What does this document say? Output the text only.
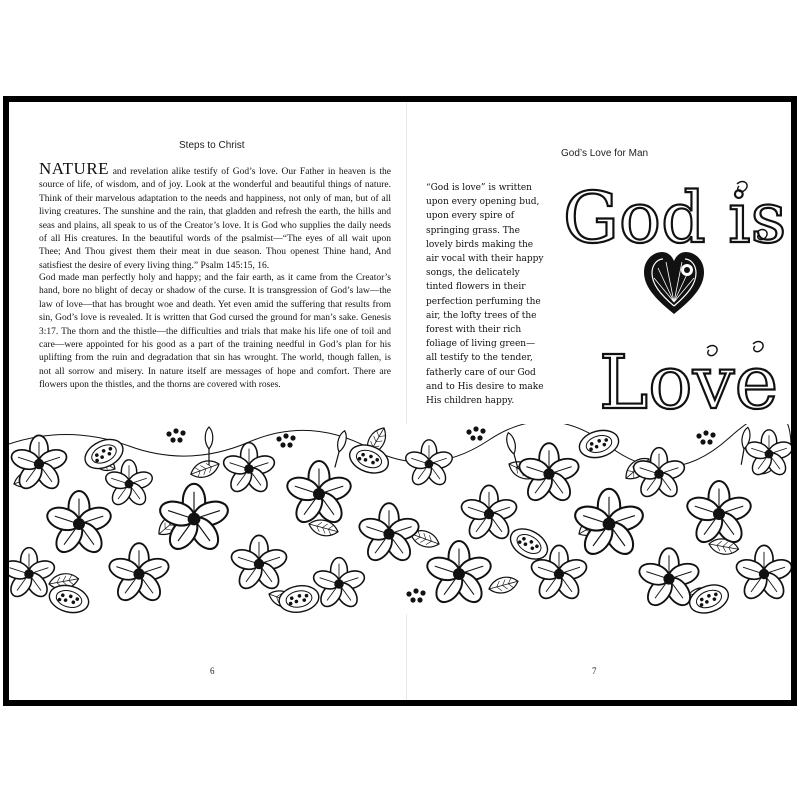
Steps to Christ

NATURE and revelation alike testify of God’s love. Our Father in heaven is the source of life, of wisdom, and of joy. Look at the wonderful and beautiful things of nature. Think of their marvelous adaptation to the needs and happiness, not only of man, but of all living creatures. The sunshine and the rain, that gladden and refresh the earth, the hills and seas and plains, all speak to us of the Creator’s love. It is God who supplies the daily needs of all His creatures. In the beautiful words of the psalmist—“The eyes of all wait upon Thee; And Thou givest them their meat in due season. Thou openest Thine hand, And satisfiest the desire of every living thing.” Psalm 145:15, 16.

God made man perfectly holy and happy; and the fair earth, as it came from the Creator’s hand, bore no blight of decay or shadow of the curse. It is transgression of God’s law—the law of love—that has brought woe and death. Yet even amid the suffering that results from sin, God’s love is revealed. It is written that God cursed the ground for man’s sake. Genesis 3:17. The thorn and the thistle—the difficulties and trials that make his life one of toil and care—were appointed for his good as a part of the training needful in God’s plan for his uplifting from the ruin and degradation that sin has wrought. The world, though fallen, is not all sorrow and misery. In nature itself are messages of hope and comfort. There are flowers upon the thistles, and the thorns are covered with roses.

6
God’s Love for Man

“God is love” is written upon every opening bud, upon every spire of springing grass. The lovely birds making the air vocal with their happy songs, the delicately tinted flowers in their perfection perfuming the air, the lofty trees of the forest with their rich foliage of living green—all testify to the tender, fatherly care of our God and to His desire to make His children happy.

God is
Love
7
